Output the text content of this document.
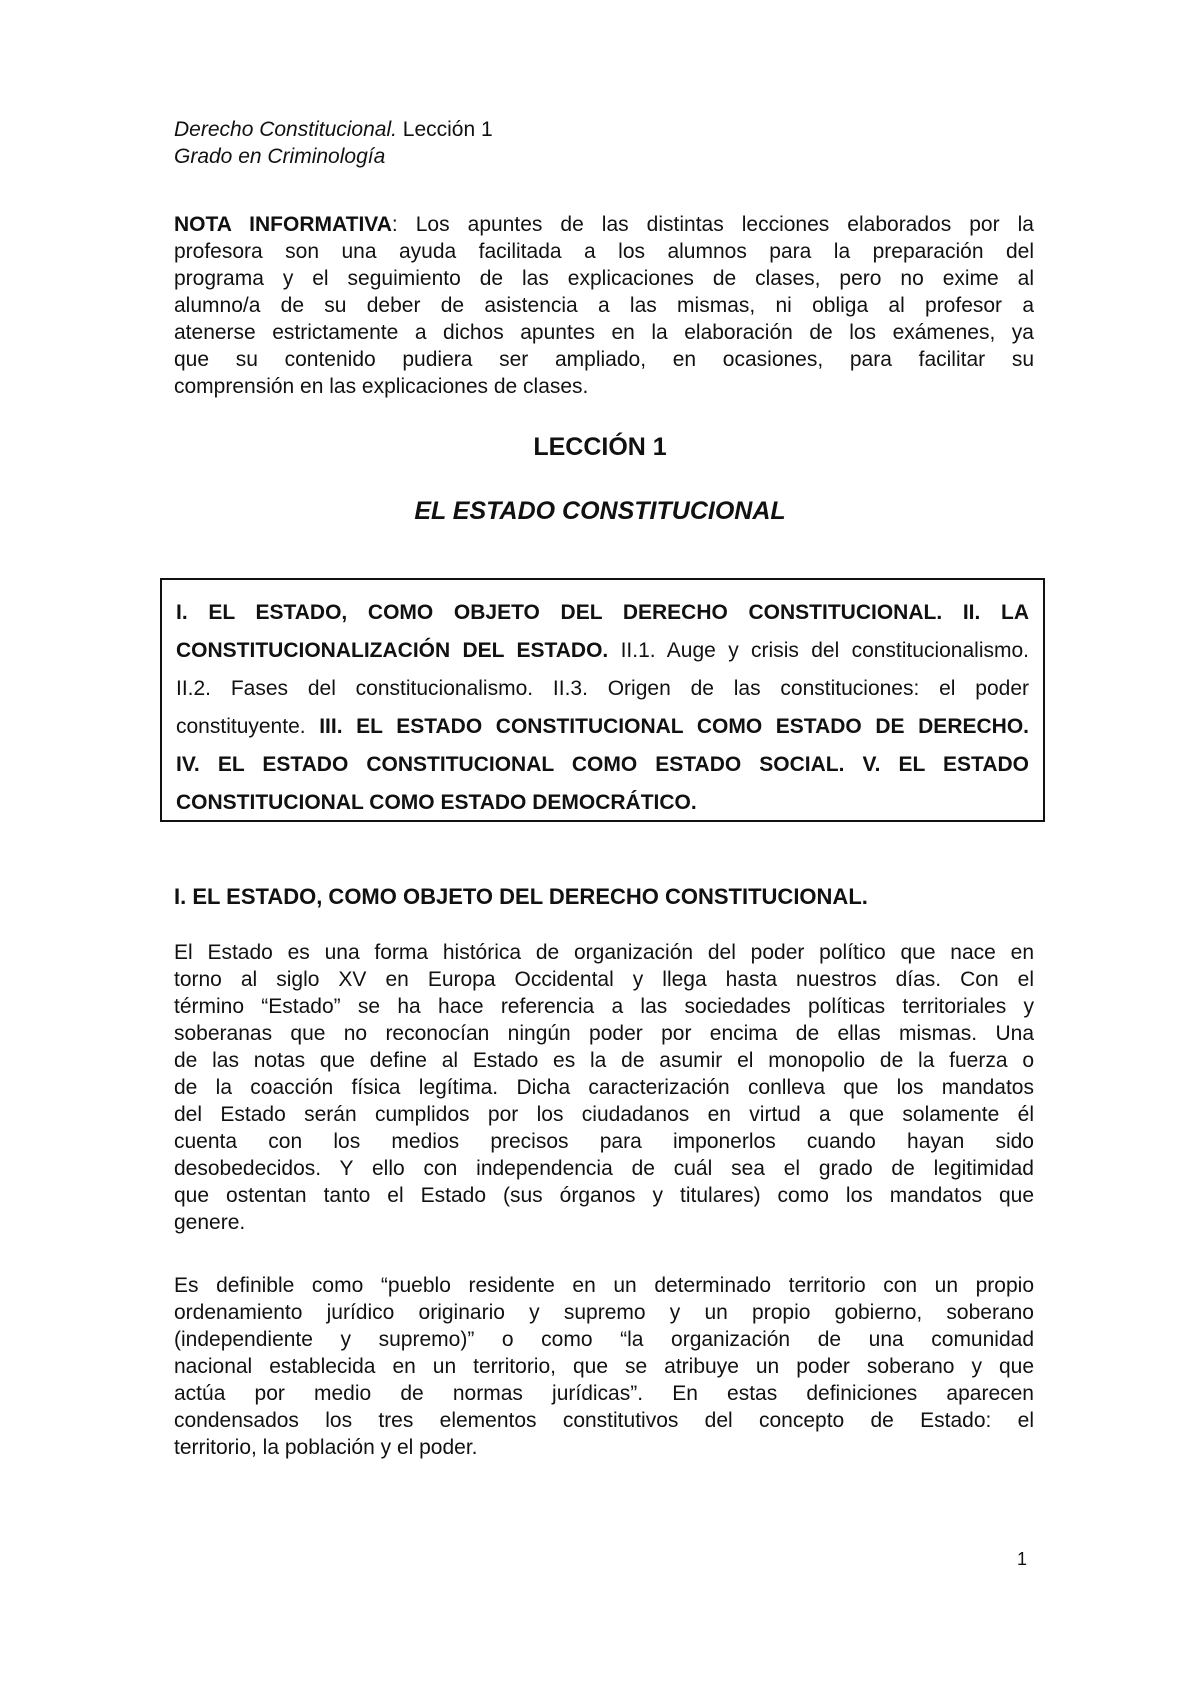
Derecho Constitucional. Lección 1
Grado en Criminología
NOTA INFORMATIVA: Los apuntes de las distintas lecciones elaborados por la
profesora son una ayuda facilitada a los alumnos para la preparación del
programa y el seguimiento de las explicaciones de clases, pero no exime al
alumno/a de su deber de asistencia a las mismas, ni obliga al profesor a
atenerse estrictamente a dichos apuntes en la elaboración de los exámenes, ya
que su contenido pudiera ser ampliado, en ocasiones, para facilitar su
comprensión en las explicaciones de clases.
LECCIÓN 1
EL ESTADO CONSTITUCIONAL
I. EL ESTADO, COMO OBJETO DEL DERECHO CONSTITUCIONAL. II. LA
CONSTITUCIONALIZACIÓN DEL ESTADO. II.1. Auge y crisis del constitucionalismo.
II.2. Fases del constitucionalismo. II.3. Origen de las constituciones: el poder
constituyente. III. EL ESTADO CONSTITUCIONAL COMO ESTADO DE DERECHO.
IV. EL ESTADO CONSTITUCIONAL COMO ESTADO SOCIAL. V. EL ESTADO
CONSTITUCIONAL COMO ESTADO DEMOCRÁTICO.
I. EL ESTADO, COMO OBJETO DEL DERECHO CONSTITUCIONAL.
El Estado es una forma histórica de organización del poder político que nace en
torno al siglo XV en Europa Occidental y llega hasta nuestros días. Con el
término “Estado” se ha hace referencia a las sociedades políticas territoriales y
soberanas que no reconocían ningún poder por encima de ellas mismas. Una
de las notas que define al Estado es la de asumir el monopolio de la fuerza o
de la coacción física legítima. Dicha caracterización conlleva que los mandatos
del Estado serán cumplidos por los ciudadanos en virtud a que solamente él
cuenta con los medios precisos para imponerlos cuando hayan sido
desobedecidos. Y ello con independencia de cuál sea el grado de legitimidad
que ostentan tanto el Estado (sus órganos y titulares) como los mandatos que
genere.
Es definible como “pueblo residente en un determinado territorio con un propio
ordenamiento jurídico originario y supremo y un propio gobierno, soberano
(independiente y supremo)” o como “la organización de una comunidad
nacional establecida en un territorio, que se atribuye un poder soberano y que
actúa por medio de normas jurídicas”. En estas definiciones aparecen
condensados los tres elementos constitutivos del concepto de Estado: el
territorio, la población y el poder.
1
